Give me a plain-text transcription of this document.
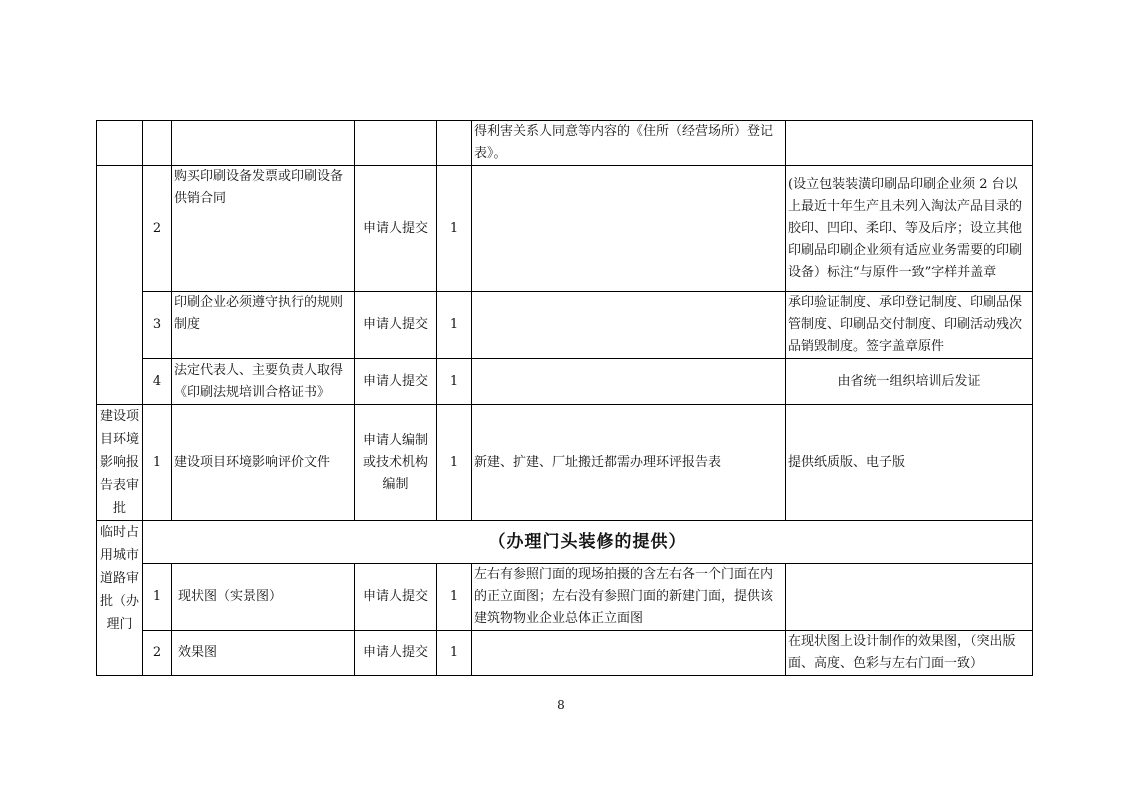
					得利害关系人同意等内容的《住所（经营场所）登记表》。	
	2	购买印刷设备发票或印刷设备供销合同	申请人提交	1		(设立包装装潢印刷品印刷企业须 2 台以上最近十年生产且未列入淘汰产品目录的胶印、凹印、柔印、等及后序；设立其他印刷品印刷企业须有适应业务需要的印刷设备）标注“与原件一致”字样并盖章
	3	印刷企业必须遵守执行的规则制度	申请人提交	1		承印验证制度、承印登记制度、印刷品保管制度、印刷品交付制度、印刷活动残次品销毁制度。签字盖章原件
	4	法定代表人、主要负责人取得《印刷法规培训合格证书》	申请人提交	1		由省统一组织培训后发证
建设项目环境影响报告表审批	1	建设项目环境影响评价文件	申请人编制或技术机构编制	1	新建、扩建、厂址搬迁都需办理环评报告表	提供纸质版、电子版
临时占用城市道路审批（办理门	（办理门头装修的提供）					
	1	现状图（实景图）	申请人提交	1	左右有参照门面的现场拍摄的含左右各一个门面在内的正立面图；左右没有参照门面的新建门面，提供该建筑物物业企业总体正立面图	
	2	效果图	申请人提交	1		在现状图上设计制作的效果图，（突出版面、高度、色彩与左右门面一致）
8
